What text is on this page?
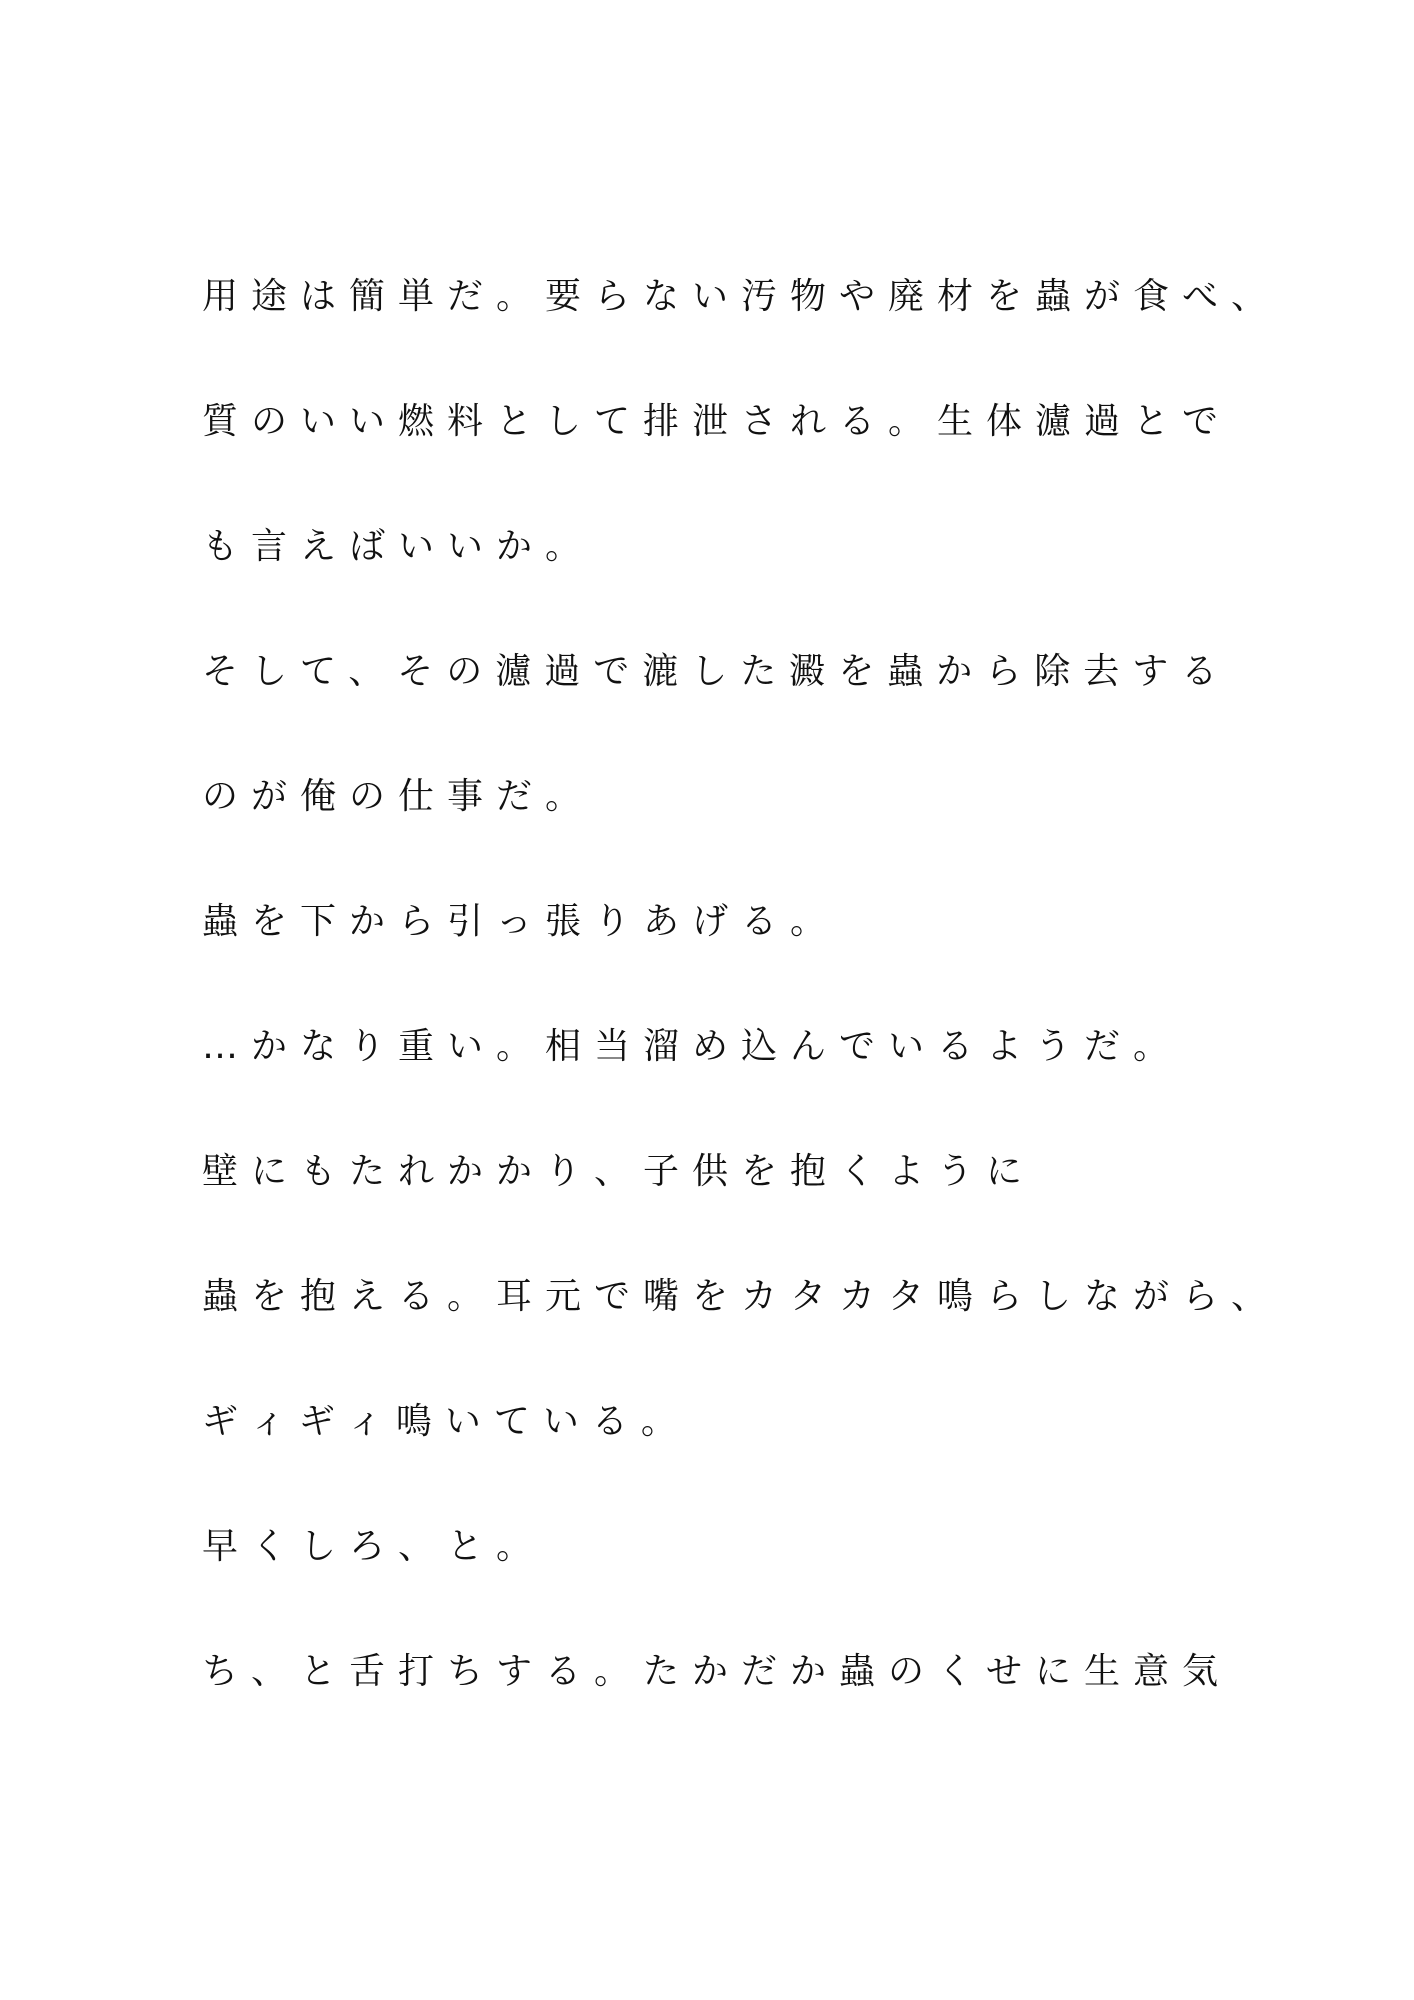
用途は簡単だ。要らない汚物や廃材を蟲が食べ、
質のいい燃料として排泄される。生体濾過とで
も言えばいいか。
そして、その濾過で漉した澱を蟲から除去する
のが俺の仕事だ。
蟲を下から引っ張りあげる。
…かなり重い。相当溜め込んでいるようだ。
壁にもたれかかり、子供を抱くように
蟲を抱える。耳元で嘴をカタカタ鳴らしながら、
ギィギィ鳴いている。
早くしろ、と。
ち、と舌打ちする。たかだか蟲のくせに生意気
